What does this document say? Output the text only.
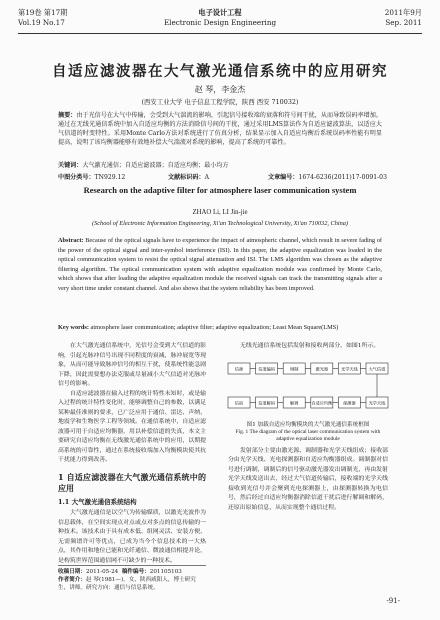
第19卷 第17期
Vol.19 No.17
电子设计工程
Electronic Design Engineering
2011年9月
Sep. 2011
自适应滤波器在大气激光通信系统中的应用研究
赵 琴，李金杰
(西安工业大学 电子信息工程学院，陕西 西安 710032)
摘要：由于光信号在大气中传输，会受到大气湍流的影响，引起信号接收端的衰落和符号间干扰，从而导致误码率增加。通过在无线光通信系统中加入自适应均衡的方法消除信号间的干扰，通过采用LMS算法作为自适应滤波算法，以适应大气信道的时变特性。采用Monte Carlo方法对系统进行了仿真分析，结果显示加入自适应均衡后系统误码率性能有明显提高，说明了该均衡器能够有效地补偿大气湍流对系统的影响，提高了系统的可靠性。
关键词：大气激光通信；自适应滤波器；自适应均衡；最小均方
中图分类号：TN929.12	文献标识码：A	文章编号：1674-6236(2011)17-0091-03
Research on the adaptive filter for atmosphere laser communication system
ZHAO Li, LI Jin-jie
(School of Electronic Information Engineering, Xi'an Technological University, Xi'an 710032, China)
Abstract: Because of the optical signals have to experience the impact of atmospheric channel, which result in severe fading of the power of the optical signal and inter-symbol interference (ISI). In this paper, the adaptive equalization was loaded in the optical communication system to resist the optical signal attenuation and ISI. The LMS algorithm was chosen as the adaptive filtering algorithm. The optical communication system with adaptive equalization module was confirmed by Monte Carlo, which shows that after loading the adaptive equalization module the received signals can track the transmitting signals after a very short time under constant channel. And also shows that the system reliability has been improved.
Key words: atmosphere laser communication; adaptive filter; adaptive equalization; Least Mean Square(LMS)

在大气激光通信系统中，光信号会受到大气信道的影响，引起光脉冲信号出现不同程度的衰减，脉冲展宽等现象，从而可能导致脉冲信号的相互干扰，使系统性能急剧下降，因此需要想办法克服或尽量减小大气信道对光脉冲信号的影响。

自适应滤波器在输入过程的统计特性未知时，或是输入过程的统计特性变化时，能够调整自己的参数，以满足某种最佳准则的要求，已广泛应用于通信、雷达、声纳、地震学和生物医学工程等领域。在通信系统中，自适应滤波器可用于自适应均衡器，用以补偿信道的失真，本文主要研究自适应均衡在无线激光通信系统中的应用，以期提高系统的可靠性，通过在系统接收端加入均衡模块使其抗干扰能力得到改善。

1 自适应滤波器在大气激光通信系统中的应用
1.1 大气激光通信系统结构

大气激光通信是以空气为传输媒质，以激光光波作为信息载体，在空间实现点对点或点对多点的信息传输的一种技术。该技术由于具有成本低、组网灵活、安装方便、无需频谱许可等优点，已成为当今个信息技术的一大热点，其作用和地位已能和光纤通信、微波通信相提并论，是构筑世界范围通信网不可缺少的一种技术。

无线光通信系统包括发射和接收两部分，如图1所示。

信源	信道编码	调制	激光器	光学天线	大气信道
光学天线
探测器
自适应均衡
解调
信道解码
信宿
图1 加载自适应均衡模块的大气激光通信系统框图
Fig. 1 The diagram of the optical laser communication system with adaptive equalization module

发射部分主要由激光源、调制器和光学天线组成；接收部分由光学天线、光电探测器和自适应均衡器组成。调制器对信号进行调制，调制后的信号驱动激光器发出调制光，再由发射光学天线发送出去，经过大气信道传输后，接收端的光学天线接收到光信号并会聚到光电探测器上，由探测器转换为电信号，然后经过自适应均衡器消除信道干扰后进行解调和解码，还原出原始信息，从而实现整个通信过程。

收稿日期：2011-05-24 稿件编号：201105103
作者简介：赵 琴(1981—)，女，陕西咸阳人，博士研究生，讲师。研究方向：通信与信息系统。
-91-
